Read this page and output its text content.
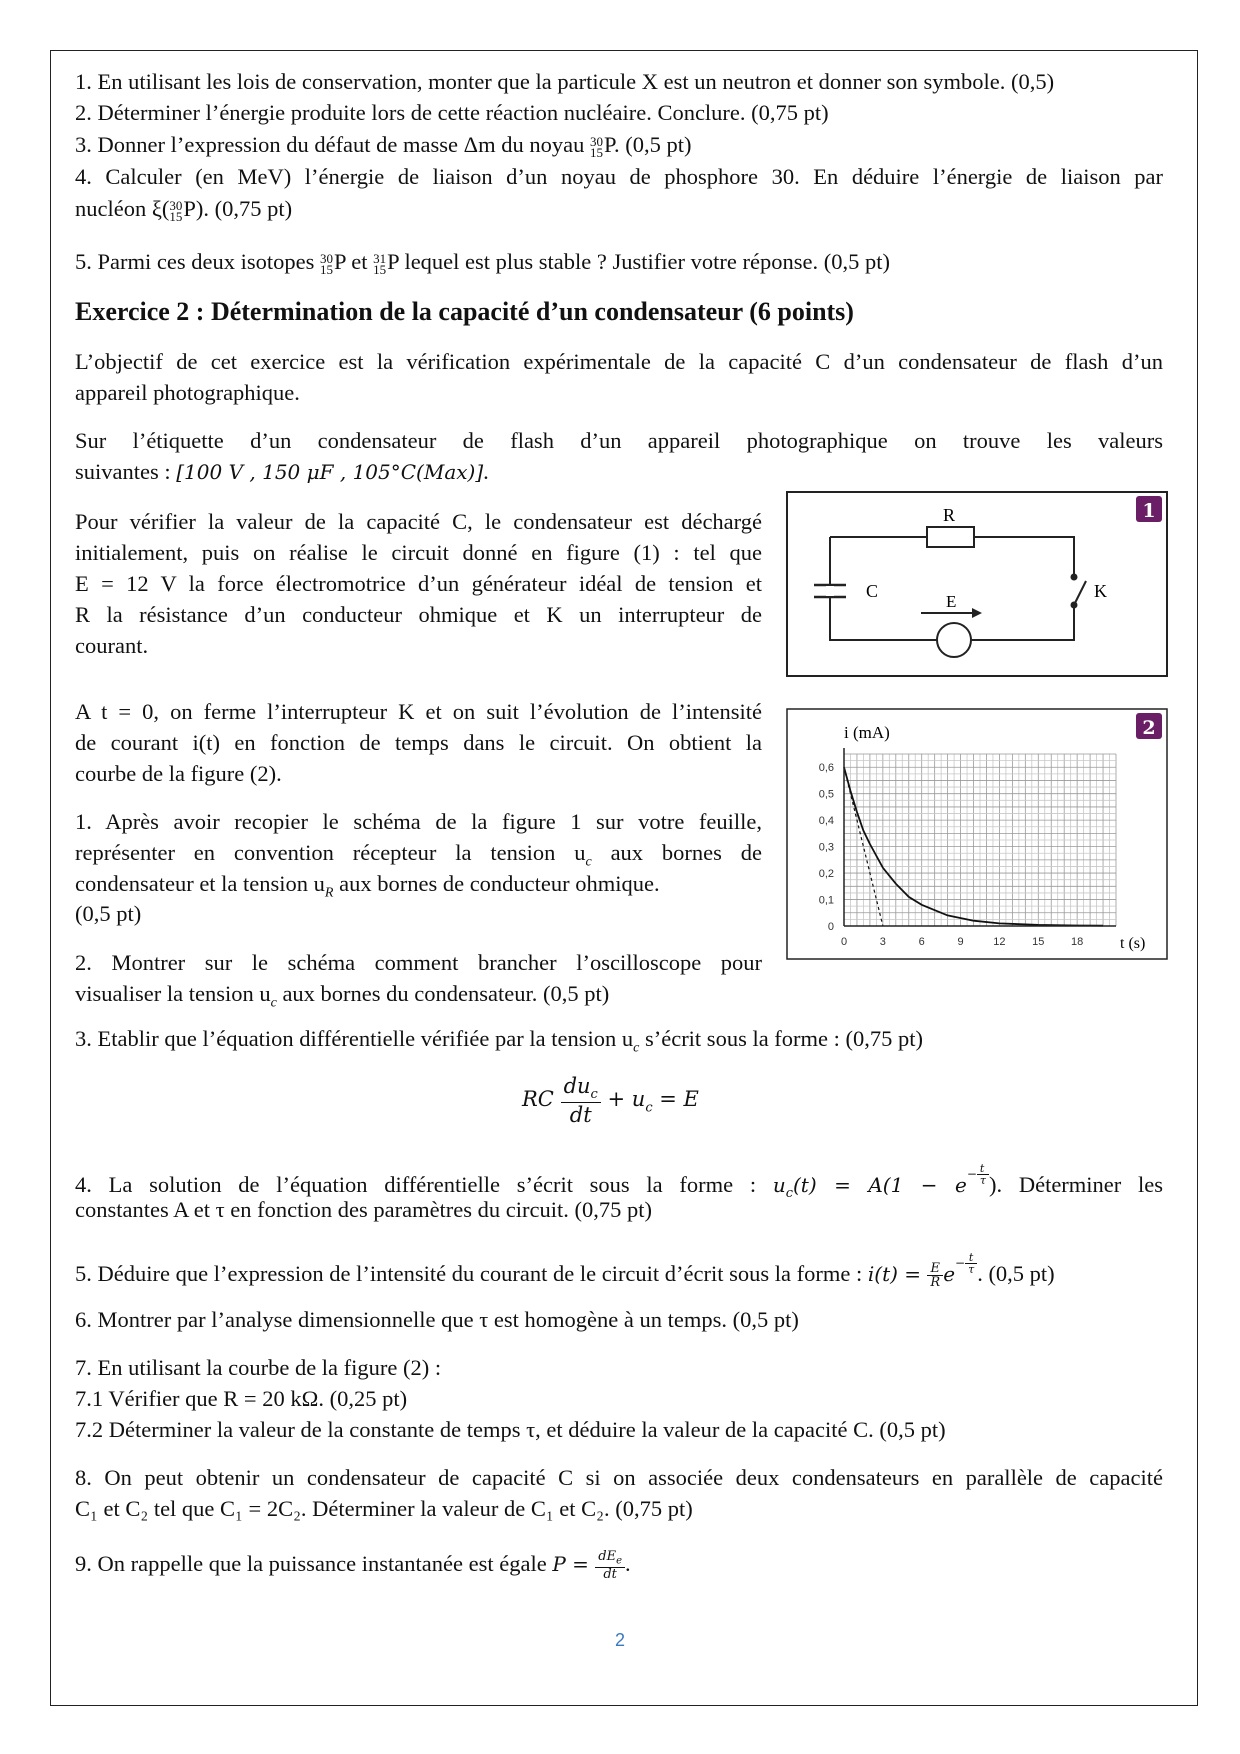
1. En utilisant les lois de conservation, monter que la particule X est un neutron et donner son symbole. (0,5)

2. Déterminer l’énergie produite lors de cette réaction nucléaire. Conclure. (0,75 pt)

3. Donner l’expression du défaut de masse Δm du noyau 30
15P. (0,5 pt)

4. Calculer (en MeV) l’énergie de liaison d’un noyau de phosphore 30. En déduire l’énergie de liaison par

nucléon ξ(30
15P). (0,75 pt)

5. Parmi ces deux isotopes 30
15P et 31
15P lequel est plus stable ? Justifier votre réponse. (0,5 pt)

Exercice 2 : Détermination de la capacité d’un condensateur (6 points)

L’objectif de cet exercice est la vérification expérimentale de la capacité C d’un condensateur de flash d’un

appareil photographique.

Sur l’étiquette d’un condensateur de flash d’un appareil photographique on trouve les valeurs

suivantes : [100 V , 150 μF , 105°C(Max)].

Pour vérifier la valeur de la capacité C, le condensateur est déchargé

initialement, puis on réalise le circuit donné en figure (1) : tel que

E = 12 V la force électromotrice d’un générateur idéal de tension et

R la résistance d’un conducteur ohmique et K un interrupteur de

courant.

1
R
C
E
K

A t = 0, on ferme l’interrupteur K et on suit l’évolution de l’intensité

de courant i(t) en fonction de temps dans le circuit. On obtient la

courbe de la figure (2).

1. Après avoir recopier le schéma de la figure 1 sur votre feuille,

représenter en convention récepteur la tension $u_c$ aux bornes de

condensateur et la tension $u_R$ aux bornes de conducteur ohmique.

(0,5 pt)

2. Montrer sur le schéma comment brancher l’oscilloscope pour

visualiser la tension $u_c$ aux bornes du condensateur. (0,5 pt)

2
i (mA)
0	3	6	9	12 15 18
0
0,1
0,2
0,3
0,4
0,5
0,6
t (s)

3. Etablir que l’équation différentielle vérifiée par la tension $u_c$ s’écrit sous la forme : (0,75 pt)

RC $\frac{du_c}{dt} + u_c = E$

4. La solution de l’équation différentielle s’écrit sous la forme : $u_c(t) = A(1 - e^{- \frac{t}{\tau}}$ ). Déterminer les

constantes A et τ en fonction des paramètres du circuit. (0,75 pt)

5. Déduire que l’expression de l’intensité du courant de le circuit d’écrit sous la forme : $i(t) = \frac{E}{R} e^{- \frac{t}{\tau}}$ . (0,5 pt)

6. Montrer par l’analyse dimensionnelle que τ est homogène à un temps. (0,5 pt)

7. En utilisant la courbe de la figure (2) :

7.1 Vérifier que R = 20 kΩ. (0,25 pt)

7.2 Déterminer la valeur de la constante de temps τ, et déduire la valeur de la capacité C. (0,5 pt)

8. On peut obtenir un condensateur de capacité C si on associée deux condensateurs en parallèle de capacité

C₁ et C₂ tel que C₁ = 2C₂. Déterminer la valeur de C₁ et C₂. (0,75 pt)

9. On rappelle que la puissance instantanée est égale $P = \frac{dE_e}{dt}$ .

2
